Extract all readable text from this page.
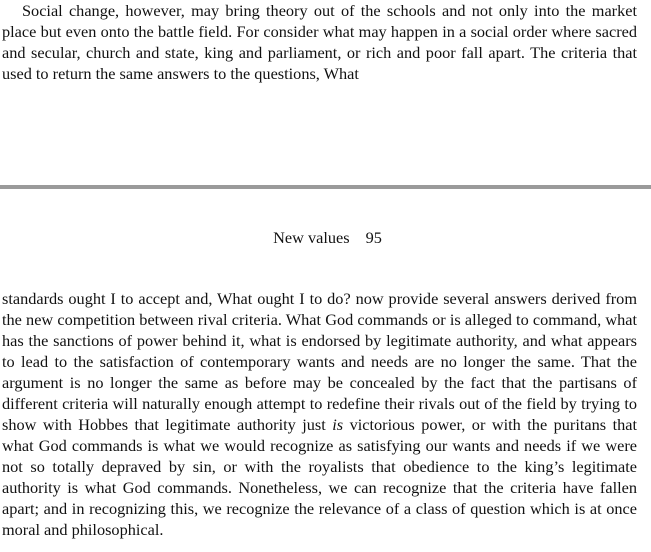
Social change, however, may bring theory out of the schools and not only into the market place but even onto the battle field. For consider what may happen in a social order where sacred and secular, church and state, king and parliament, or rich and poor fall apart. The criteria that used to return the same answers to the questions, What

New values 95

standards ought I to accept and, What ought I to do? now provide several answers derived from the new competition between rival criteria. What God commands or is alleged to command, what has the sanctions of power behind it, what is endorsed by legitimate authority, and what appears to lead to the satisfaction of contemporary wants and needs are no longer the same. That the argument is no longer the same as before may be concealed by the fact that the partisans of different criteria will naturally enough attempt to redefine their rivals out of the field by trying to show with Hobbes that legitimate authority just is victorious power, or with the puritans that what God commands is what we would recognize as satisfying our wants and needs if we were not so totally depraved by sin, or with the royalists that obedience to the king’s legitimate authority is what God commands. Nonetheless, we can recognize that the criteria have fallen apart; and in recognizing this, we recognize the relevance of a class of question which is at once moral and philosophical.
